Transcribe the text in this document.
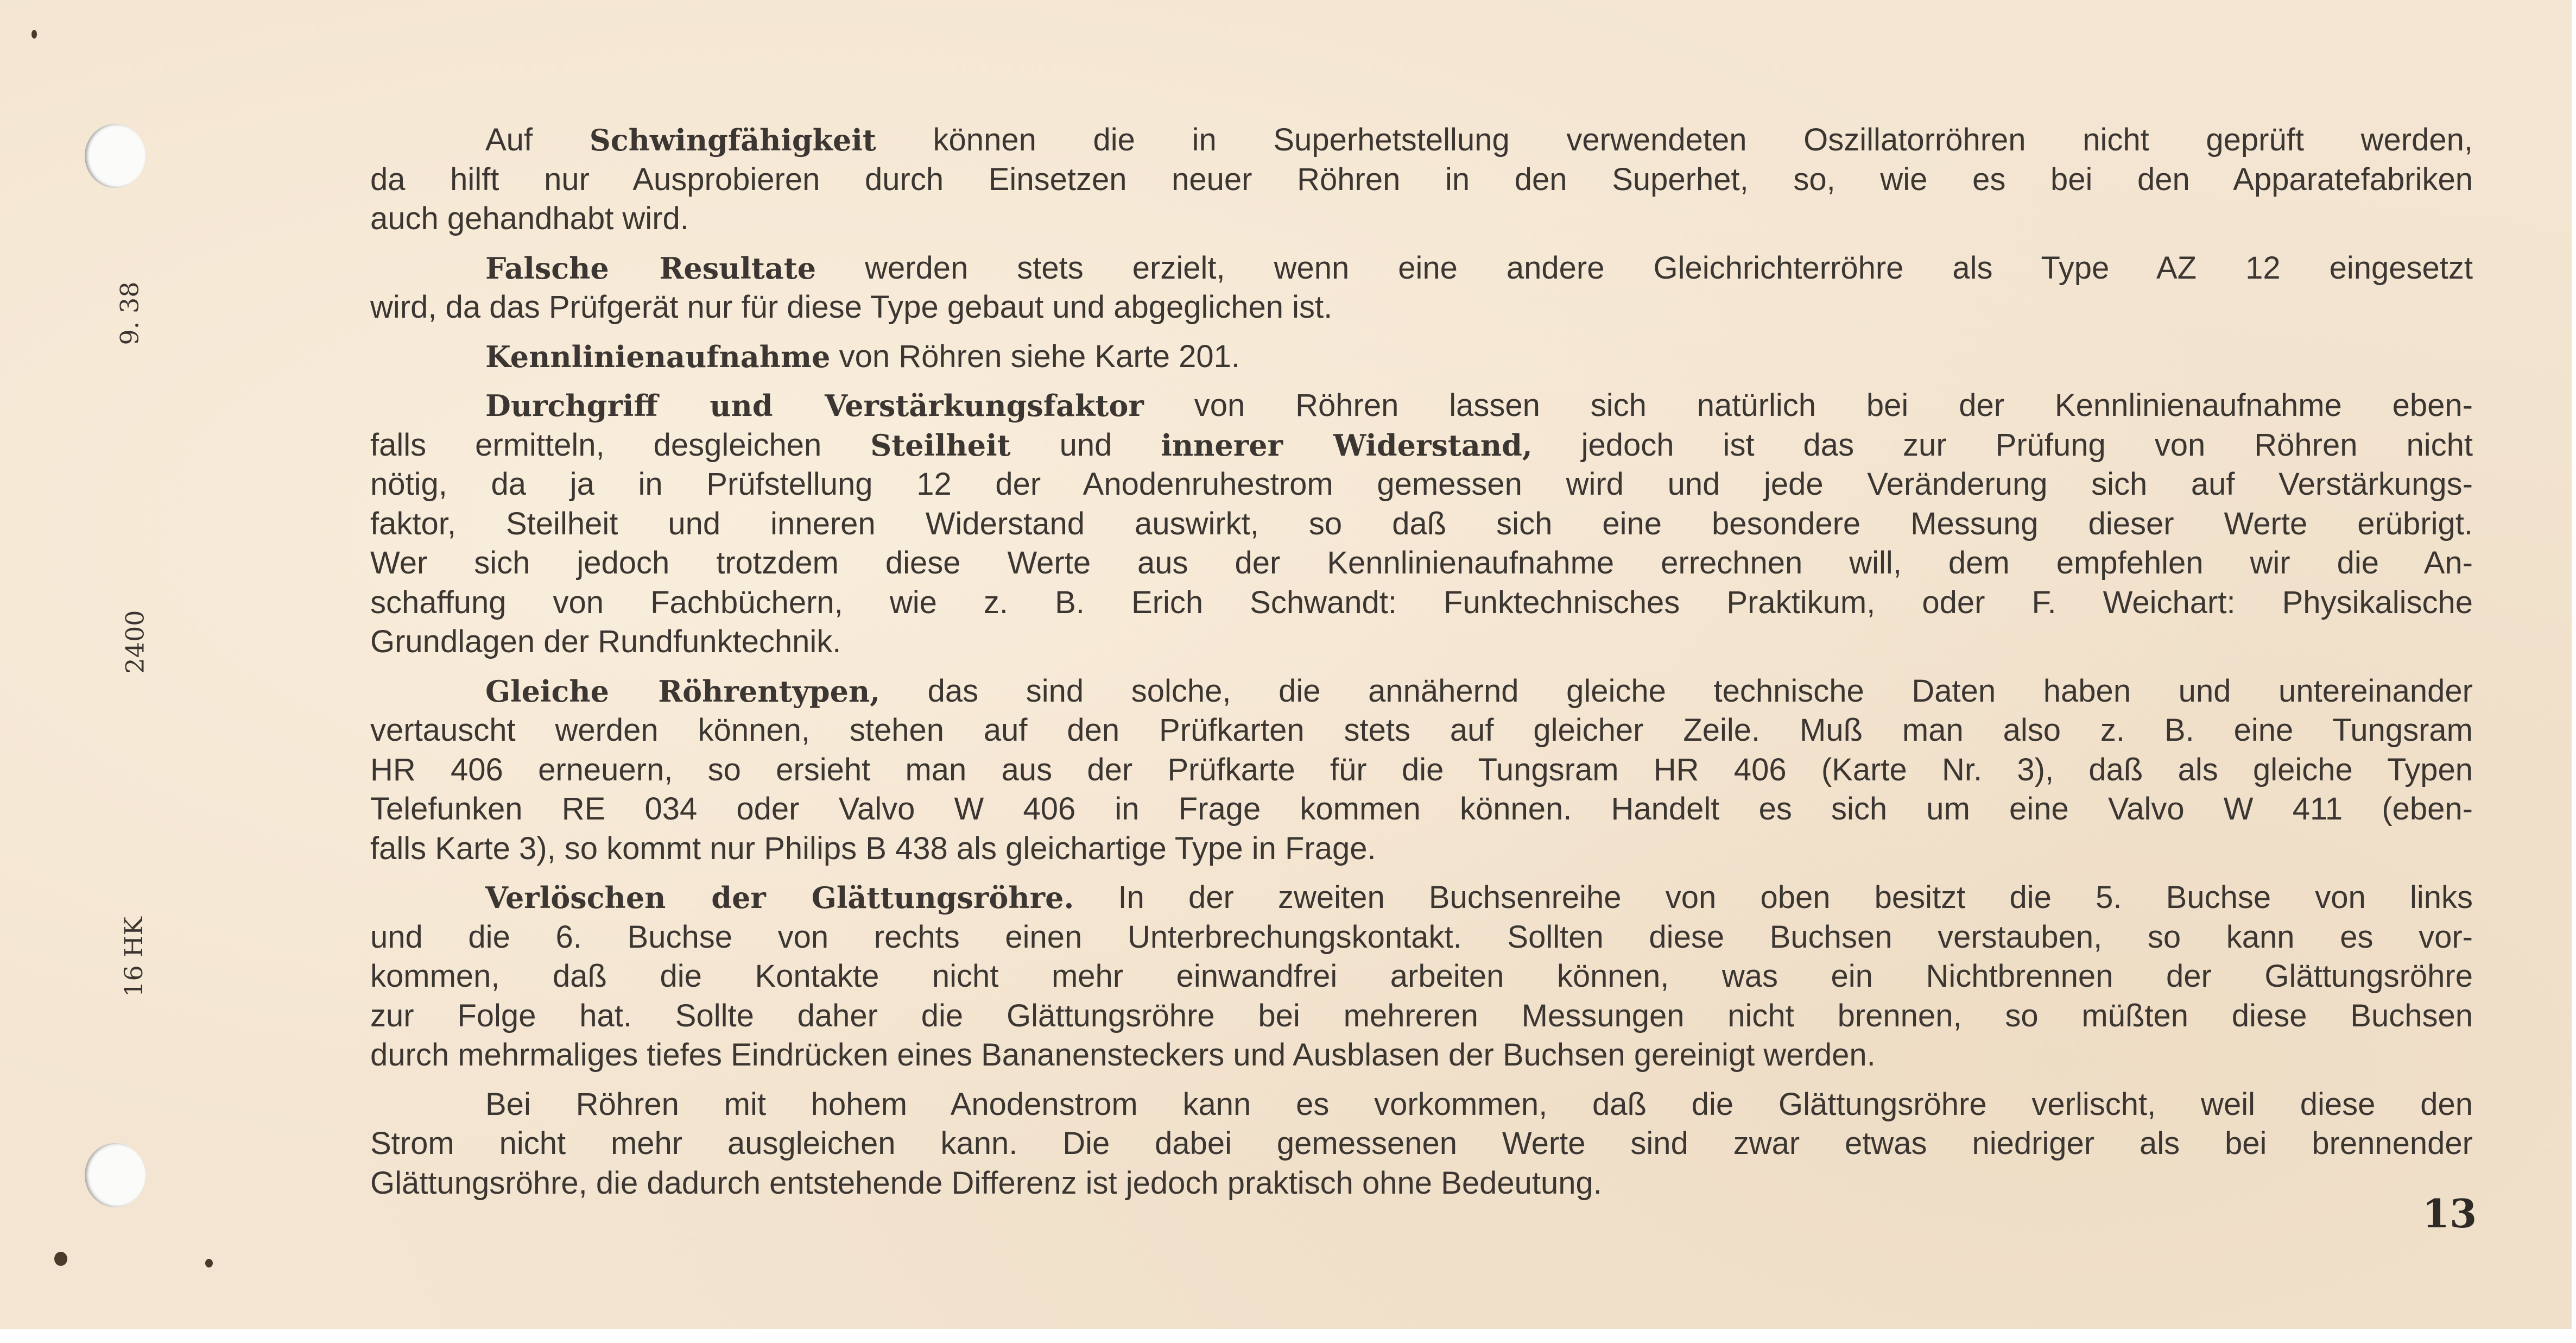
9. 38
2400
16 HK
Auf Schwingfähigkeit können die in Superhetstellung verwendeten Oszillatorröhren nicht geprüft werden,
da hilft nur Ausprobieren durch Einsetzen neuer Röhren in den Superhet, so, wie es bei den Apparatefabriken
auch gehandhabt wird.
Falsche Resultate werden stets erzielt, wenn eine andere Gleichrichterröhre als Type AZ 12 eingesetzt
wird, da das Prüfgerät nur für diese Type gebaut und abgeglichen ist.
Kennlinienaufnahme von Röhren siehe Karte 201.
Durchgriff und Verstärkungsfaktor von Röhren lassen sich natürlich bei der Kennlinienaufnahme eben-
falls ermitteln, desgleichen Steilheit und innerer Widerstand, jedoch ist das zur Prüfung von Röhren nicht
nötig, da ja in Prüfstellung 12 der Anodenruhestrom gemessen wird und jede Veränderung sich auf Verstärkungs-
faktor, Steilheit und inneren Widerstand auswirkt, so daß sich eine besondere Messung dieser Werte erübrigt.
Wer sich jedoch trotzdem diese Werte aus der Kennlinienaufnahme errechnen will, dem empfehlen wir die An-
schaffung von Fachbüchern, wie z. B. Erich Schwandt: Funktechnisches Praktikum, oder F. Weichart: Physikalische
Grundlagen der Rundfunktechnik.
Gleiche Röhrentypen, das sind solche, die annähernd gleiche technische Daten haben und untereinander
vertauscht werden können, stehen auf den Prüfkarten stets auf gleicher Zeile. Muß man also z. B. eine Tungsram
HR 406 erneuern, so ersieht man aus der Prüfkarte für die Tungsram HR 406 (Karte Nr. 3), daß als gleiche Typen
Telefunken RE 034 oder Valvo W 406 in Frage kommen können. Handelt es sich um eine Valvo W 411 (eben-
falls Karte 3), so kommt nur Philips B 438 als gleichartige Type in Frage.
Verlöschen der Glättungsröhre. In der zweiten Buchsenreihe von oben besitzt die 5. Buchse von links
und die 6. Buchse von rechts einen Unterbrechungskontakt. Sollten diese Buchsen verstauben, so kann es vor-
kommen, daß die Kontakte nicht mehr einwandfrei arbeiten können, was ein Nichtbrennen der Glättungsröhre
zur Folge hat. Sollte daher die Glättungsröhre bei mehreren Messungen nicht brennen, so müßten diese Buchsen
durch mehrmaliges tiefes Eindrücken eines Bananensteckers und Ausblasen der Buchsen gereinigt werden.
Bei Röhren mit hohem Anodenstrom kann es vorkommen, daß die Glättungsröhre verlischt, weil diese den
Strom nicht mehr ausgleichen kann. Die dabei gemessenen Werte sind zwar etwas niedriger als bei brennender
Glättungsröhre, die dadurch entstehende Differenz ist jedoch praktisch ohne Bedeutung.
13
